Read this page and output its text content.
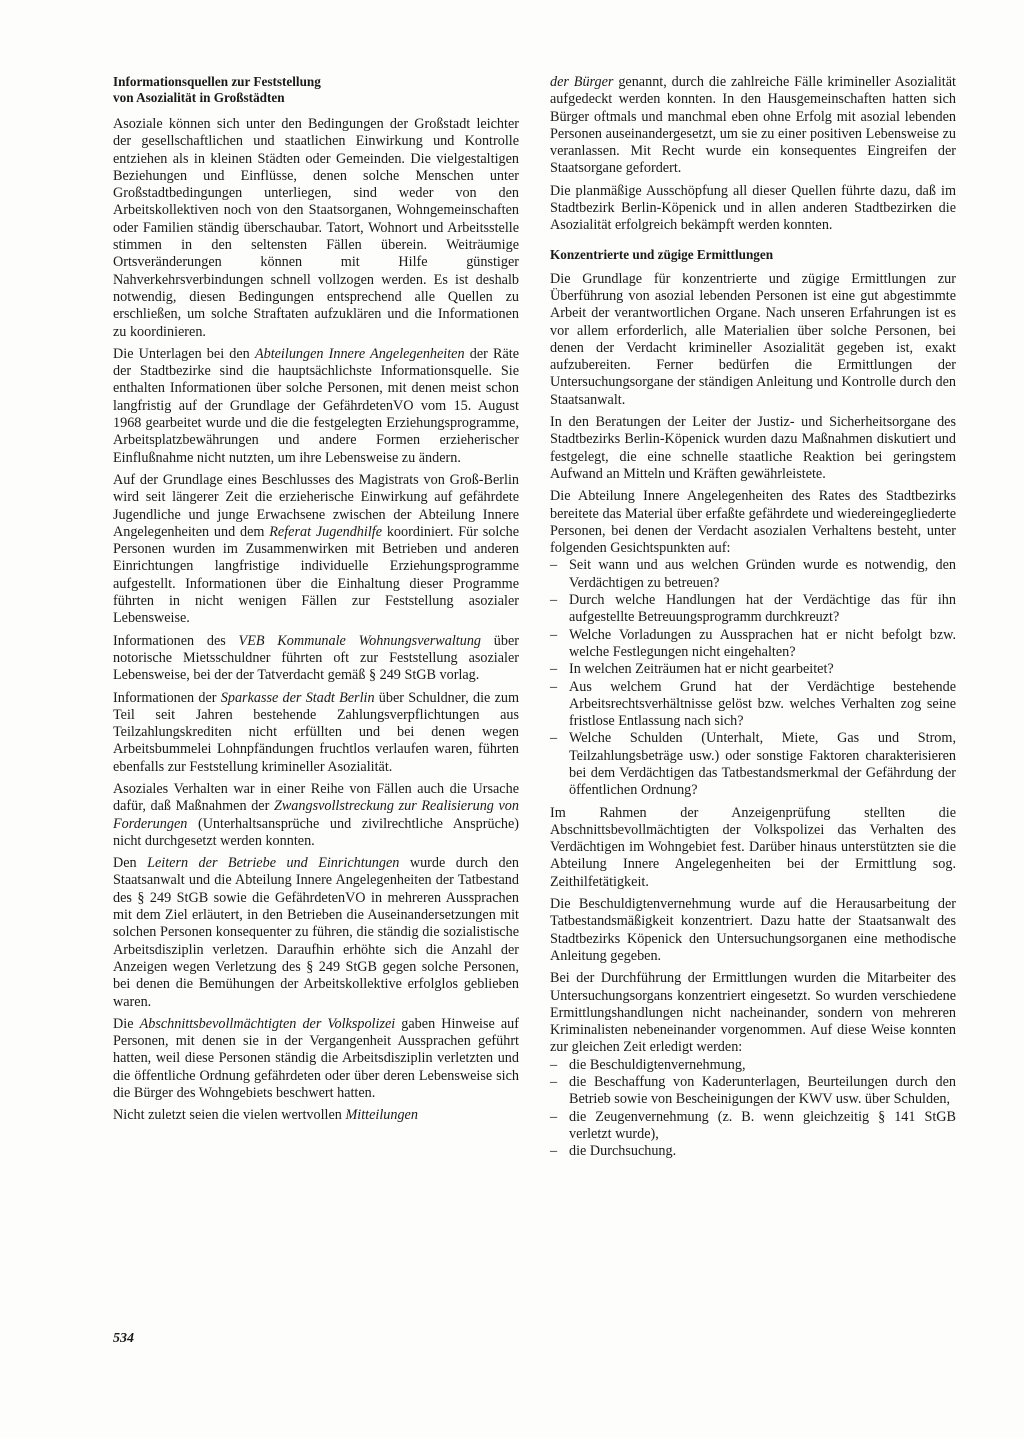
Informationsquellen zur Feststellung
von Asozialität in Großstädten

Asoziale können sich unter den Bedingungen der Großstadt leichter der gesellschaftlichen und staatlichen Einwirkung und Kontrolle entziehen als in kleinen Städten oder Gemeinden. Die vielgestaltigen Beziehungen und Einflüsse, denen solche Menschen unter Großstadtbedingungen unterliegen, sind weder von den Arbeitskollektiven noch von den Staatsorganen, Wohngemeinschaften oder Familien ständig überschaubar. Tatort, Wohnort und Arbeitsstelle stimmen in den seltensten Fällen überein. Weiträumige Ortsveränderungen können mit Hilfe günstiger Nahverkehrsverbindungen schnell vollzogen werden. Es ist deshalb notwendig, diesen Bedingungen entsprechend alle Quellen zu erschließen, um solche Straftaten aufzuklären und die Informationen zu koordinieren.

Die Unterlagen bei den Abteilungen Innere Angelegenheiten der Räte der Stadtbezirke sind die hauptsächlichste Informationsquelle. Sie enthalten Informationen über solche Personen, mit denen meist schon langfristig auf der Grundlage der GefährdetenVO vom 15. August 1968 gearbeitet wurde und die die festgelegten Erziehungsprogramme, Arbeitsplatzbewährungen und andere Formen erzieherischer Einflußnahme nicht nutzten, um ihre Lebensweise zu ändern.

Auf der Grundlage eines Beschlusses des Magistrats von Groß-Berlin wird seit längerer Zeit die erzieherische Einwirkung auf gefährdete Jugendliche und junge Erwachsene zwischen der Abteilung Innere Angelegenheiten und dem Referat Jugendhilfe koordiniert. Für solche Personen wurden im Zusammenwirken mit Betrieben und anderen Einrichtungen langfristige individuelle Erziehungsprogramme aufgestellt. Informationen über die Einhaltung dieser Programme führten in nicht wenigen Fällen zur Feststellung asozialer Lebensweise.

Informationen des VEB Kommunale Wohnungsverwaltung über notorische Mietsschuldner führten oft zur Feststellung asozialer Lebensweise, bei der der Tatverdacht gemäß § 249 StGB vorlag.

Informationen der Sparkasse der Stadt Berlin über Schuldner, die zum Teil seit Jahren bestehende Zahlungsverpflichtungen aus Teilzahlungskrediten nicht erfüllten und bei denen wegen Arbeitsbummelei Lohnpfändungen fruchtlos verlaufen waren, führten ebenfalls zur Feststellung krimineller Asozialität.

Asoziales Verhalten war in einer Reihe von Fällen auch die Ursache dafür, daß Maßnahmen der Zwangsvollstreckung zur Realisierung von Forderungen (Unterhaltsansprüche und zivilrechtliche Ansprüche) nicht durchgesetzt werden konnten.

Den Leitern der Betriebe und Einrichtungen wurde durch den Staatsanwalt und die Abteilung Innere Angelegenheiten der Tatbestand des § 249 StGB sowie die GefährdetenVO in mehreren Aussprachen mit dem Ziel erläutert, in den Betrieben die Auseinandersetzungen mit solchen Personen konsequenter zu führen, die ständig die sozialistische Arbeitsdisziplin verletzen. Daraufhin erhöhte sich die Anzahl der Anzeigen wegen Verletzung des § 249 StGB gegen solche Personen, bei denen die Bemühungen der Arbeitskollektive erfolglos geblieben waren.

Die Abschnittsbevollmächtigten der Volkspolizei gaben Hinweise auf Personen, mit denen sie in der Vergangenheit Aussprachen geführt hatten, weil diese Personen ständig die Arbeitsdisziplin verletzten und die öffentliche Ordnung gefährdeten oder über deren Lebensweise sich die Bürger des Wohngebiets beschwert hatten.

Nicht zuletzt seien die vielen wertvollen Mitteilungen

der Bürger genannt, durch die zahlreiche Fälle krimineller Asozialität aufgedeckt werden konnten. In den Hausgemeinschaften hatten sich Bürger oftmals und manchmal eben ohne Erfolg mit asozial lebenden Personen auseinandergesetzt, um sie zu einer positiven Lebensweise zu veranlassen. Mit Recht wurde ein konsequentes Eingreifen der Staatsorgane gefordert.

Die planmäßige Ausschöpfung all dieser Quellen führte dazu, daß im Stadtbezirk Berlin-Köpenick und in allen anderen Stadtbezirken die Asozialität erfolgreich bekämpft werden konnten.

Konzentrierte und zügige Ermittlungen

Die Grundlage für konzentrierte und zügige Ermittlungen zur Überführung von asozial lebenden Personen ist eine gut abgestimmte Arbeit der verantwortlichen Organe. Nach unseren Erfahrungen ist es vor allem erforderlich, alle Materialien über solche Personen, bei denen der Verdacht krimineller Asozialität gegeben ist, exakt aufzubereiten. Ferner bedürfen die Ermittlungen der Untersuchungsorgane der ständigen Anleitung und Kontrolle durch den Staatsanwalt.

In den Beratungen der Leiter der Justiz- und Sicherheitsorgane des Stadtbezirks Berlin-Köpenick wurden dazu Maßnahmen diskutiert und festgelegt, die eine schnelle staatliche Reaktion bei geringstem Aufwand an Mitteln und Kräften gewährleistete.

Die Abteilung Innere Angelegenheiten des Rates des Stadtbezirks bereitete das Material über erfaßte gefährdete und wiedereingegliederte Personen, bei denen der Verdacht asozialen Verhaltens besteht, unter folgenden Gesichtspunkten auf:

– Seit wann und aus welchen Gründen wurde es notwendig, den Verdächtigen zu betreuen?
– Durch welche Handlungen hat der Verdächtige das für ihn aufgestellte Betreuungsprogramm durchkreuzt?
– Welche Vorladungen zu Aussprachen hat er nicht befolgt bzw. welche Festlegungen nicht eingehalten?
– In welchen Zeiträumen hat er nicht gearbeitet?
– Aus welchem Grund hat der Verdächtige bestehende Arbeitsrechtsverhältnisse gelöst bzw. welches Verhalten zog seine fristlose Entlassung nach sich?
– Welche Schulden (Unterhalt, Miete, Gas und Strom, Teilzahlungsbeträge usw.) oder sonstige Faktoren charakterisieren bei dem Verdächtigen das Tatbestandsmerkmal der Gefährdung der öffentlichen Ordnung?

Im Rahmen der Anzeigenprüfung stellten die Abschnittsbevollmächtigten der Volkspolizei das Verhalten des Verdächtigen im Wohngebiet fest. Darüber hinaus unterstützten sie die Abteilung Innere Angelegenheiten bei der Ermittlung sog. Zeithilfetätigkeit.

Die Beschuldigtenvernehmung wurde auf die Herausarbeitung der Tatbestandsmäßigkeit konzentriert. Dazu hatte der Staatsanwalt des Stadtbezirks Köpenick den Untersuchungsorganen eine methodische Anleitung gegeben.

Bei der Durchführung der Ermittlungen wurden die Mitarbeiter des Untersuchungsorgans konzentriert eingesetzt. So wurden verschiedene Ermittlungshandlungen nicht nacheinander, sondern von mehreren Kriminalisten nebeneinander vorgenommen. Auf diese Weise konnten zur gleichen Zeit erledigt werden:

– die Beschuldigtenvernehmung,
– die Beschaffung von Kaderunterlagen, Beurteilungen durch den Betrieb sowie von Bescheinigungen der KWV usw. über Schulden,
– die Zeugenvernehmung (z. B. wenn gleichzeitig § 141 StGB verletzt wurde),
– die Durchsuchung.
534
